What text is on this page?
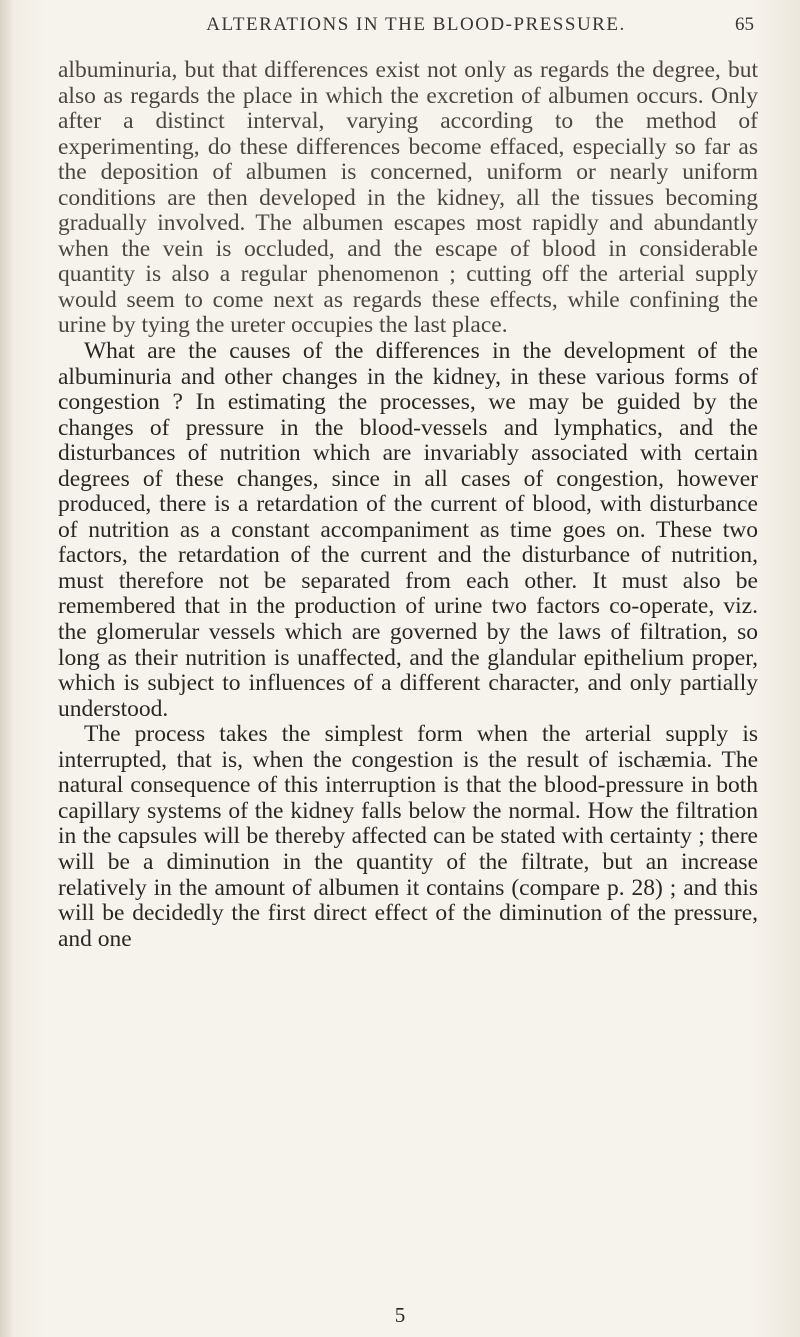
ALTERATIONS IN THE BLOOD-PRESSURE.	65

albuminuria, but that differences exist not only as regards the degree, but also as regards the place in which the excretion of albumen occurs. Only after a distinct interval, varying according to the method of experimenting, do these differences become effaced, especially so far as the deposition of albumen is concerned, uniform or nearly uniform conditions are then developed in the kidney, all the tissues becoming gradually involved. The albumen escapes most rapidly and abundantly when the vein is occluded, and the escape of blood in considerable quantity is also a regular phenomenon ; cutting off the arterial supply would seem to come next as regards these effects, while confining the urine by tying the ureter occupies the last place.

What are the causes of the differences in the development of the albuminuria and other changes in the kidney, in these various forms of congestion ? In estimating the processes, we may be guided by the changes of pressure in the blood-vessels and lymphatics, and the disturbances of nutrition which are invariably associated with certain degrees of these changes, since in all cases of congestion, however produced, there is a retardation of the current of blood, with disturbance of nutrition as a constant accompaniment as time goes on. These two factors, the retardation of the current and the disturbance of nutrition, must therefore not be separated from each other. It must also be remembered that in the production of urine two factors co-operate, viz. the glomerular vessels which are governed by the laws of filtration, so long as their nutrition is unaffected, and the glandular epithelium proper, which is subject to influences of a different character, and only partially understood.

The process takes the simplest form when the arterial supply is interrupted, that is, when the congestion is the result of ischæmia. The natural consequence of this interruption is that the blood-pressure in both capillary systems of the kidney falls below the normal. How the filtration in the capsules will be thereby affected can be stated with certainty ; there will be a diminution in the quantity of the filtrate, but an increase relatively in the amount of albumen it contains (compare p. 28) ; and this will be decidedly the first direct effect of the diminution of the pressure, and one

5
